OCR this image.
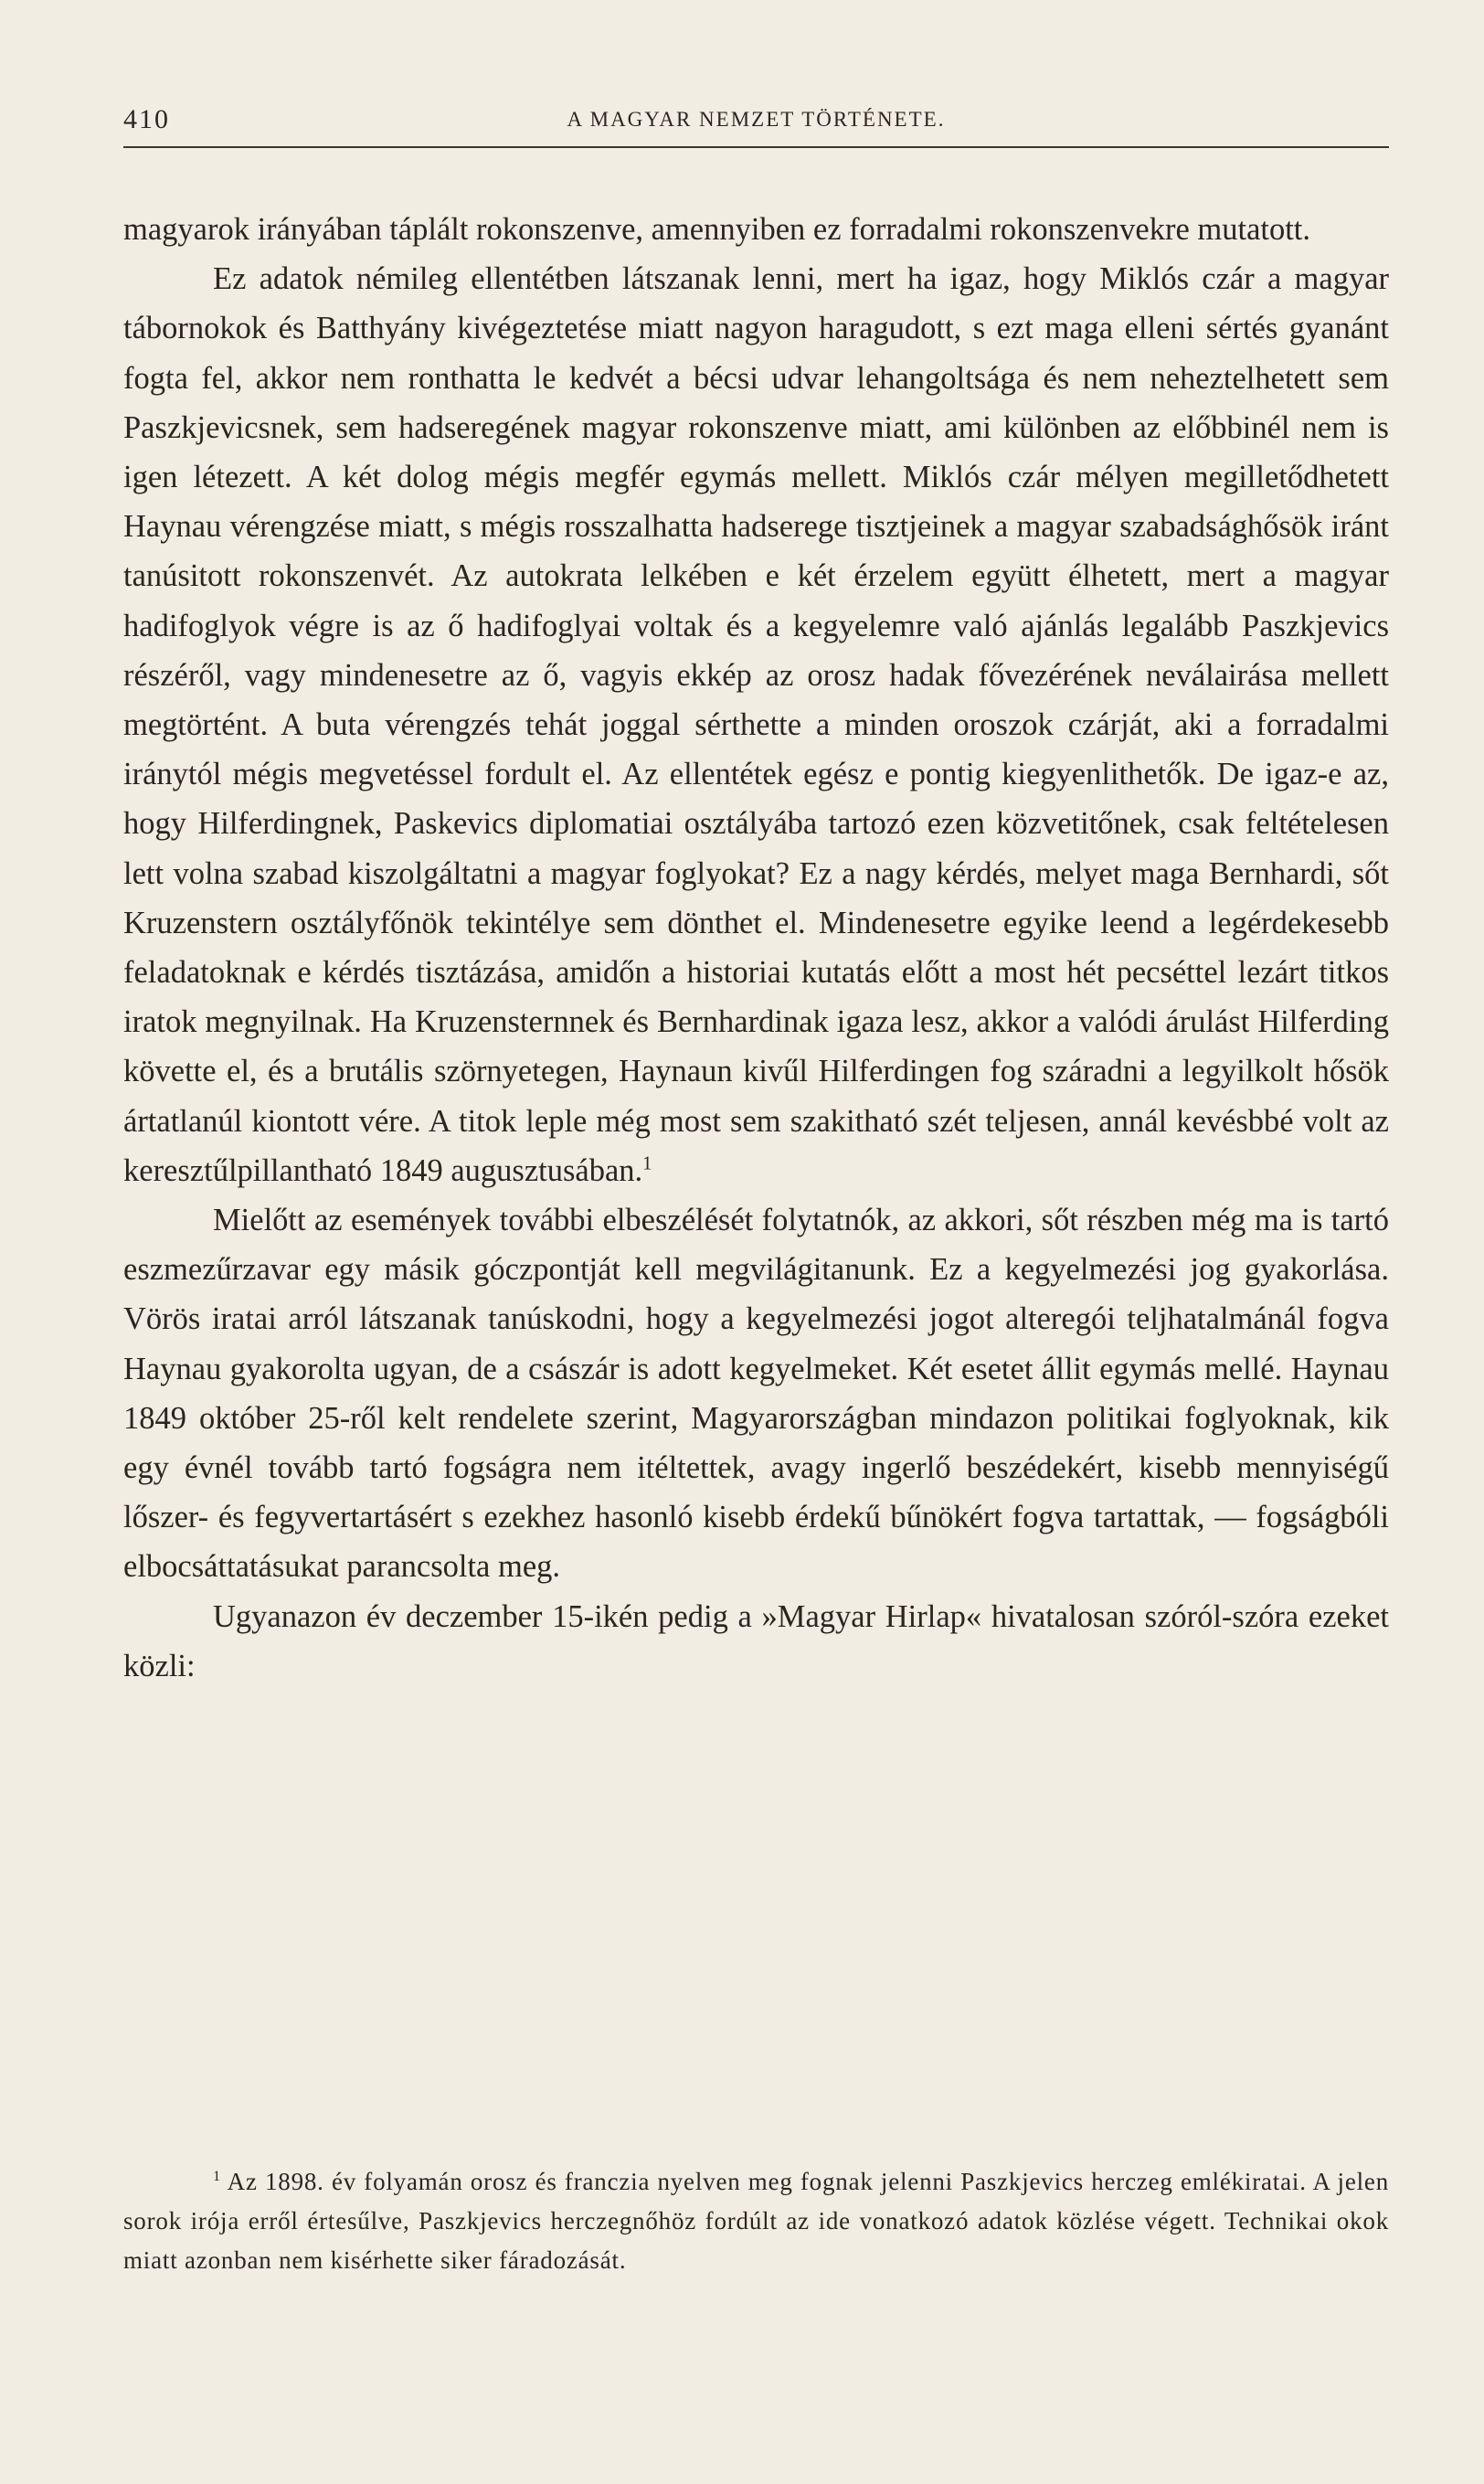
410	A MAGYAR NEMZET TÖRTÉNETE.

magyarok irányában táplált rokonszenve, amennyiben ez forradalmi rokonszenvekre mutatott.

Ez adatok némileg ellentétben látszanak lenni, mert ha igaz, hogy Miklós czár a magyar tábornokok és Batthyány kivégeztetése miatt nagyon haragudott, s ezt maga elleni sértés gyanánt fogta fel, akkor nem ronthatta le kedvét a bécsi udvar lehangoltsága és nem neheztelhetett sem Paszkjevicsnek, sem hadseregének magyar rokonszenve miatt, ami különben az előbbinél nem is igen létezett. A két dolog mégis megfér egymás mellett. Miklós czár mélyen megilletődhetett Haynau vérengzése miatt, s mégis rosszalhatta hadserege tisztjeinek a magyar szabadsághősök iránt tanúsitott rokonszenvét. Az autokrata lelkében e két érzelem együtt élhetett, mert a magyar hadifoglyok végre is az ő hadifoglyai voltak és a kegyelemre való ajánlás legalább Paszkjevics részéről, vagy mindenesetre az ő, vagyis ekkép az orosz hadak fővezérének neválairása mellett megtörtént. A buta vérengzés tehát joggal sérthette a minden oroszok czárját, aki a forradalmi iránytól mégis megvetéssel fordult el. Az ellentétek egész e pontig kiegyenlithetők. De igaz-e az, hogy Hilferdingnek, Paskevics diplomatiai osztályába tartozó ezen közvetitőnek, csak feltételesen lett volna szabad kiszolgáltatni a magyar foglyokat? Ez a nagy kérdés, melyet maga Bernhardi, sőt Kruzenstern osztályfőnök tekintélye sem dönthet el. Mindenesetre egyike leend a legérdekesebb feladatoknak e kérdés tisztázása, amidőn a historiai kutatás előtt a most hét pecséttel lezárt titkos iratok megnyilnak. Ha Kruzensternnek és Bernhardinak igaza lesz, akkor a valódi árulást Hilferding követte el, és a brutális szörnyetegen, Haynaun kivűl Hilferdingen fog száradni a legyilkolt hősök ártatlanúl kiontott vére. A titok leple még most sem szakitható szét teljesen, annál kevésbbé volt az keresztűlpillantható 1849 augusztusában.$^1$

Mielőtt az események további elbeszélését folytatnók, az akkori, sőt részben még ma is tartó eszmezűrzavar egy másik góczpontját kell megvilágitanunk. Ez a kegyelmezési jog gyakorlása. Vörös iratai arról látszanak tanúskodni, hogy a kegyelmezési jogot alteregói teljhatalmánál fogva Haynau gyakorolta ugyan, de a császár is adott kegyelmeket. Két esetet állit egymás mellé. Haynau 1849 október 25-ről kelt rendelete szerint, Magyarországban mindazon politikai foglyoknak, kik egy évnél tovább tartó fogságra nem itéltettek, avagy ingerlő beszédekért, kisebb mennyiségű lőszer- és fegyvertartásért s ezekhez hasonló kisebb érdekű bűnökért fogva tartattak, — fogságbóli elbocsáttatásukat parancsolta meg.

Ugyanazon év deczember 15-ikén pedig a »Magyar Hirlap« hivatalosan szóról-szóra ezeket közli:

$^1$ Az 1898. év folyamán orosz és franczia nyelven meg fognak jelenni Paszkjevics herczeg emlékiratai. A jelen sorok irója erről értesűlve, Paszkjevics herczegnőhöz fordúlt az ide vonatkozó adatok közlése végett. Technikai okok miatt azonban nem kisérhette siker fáradozását.
